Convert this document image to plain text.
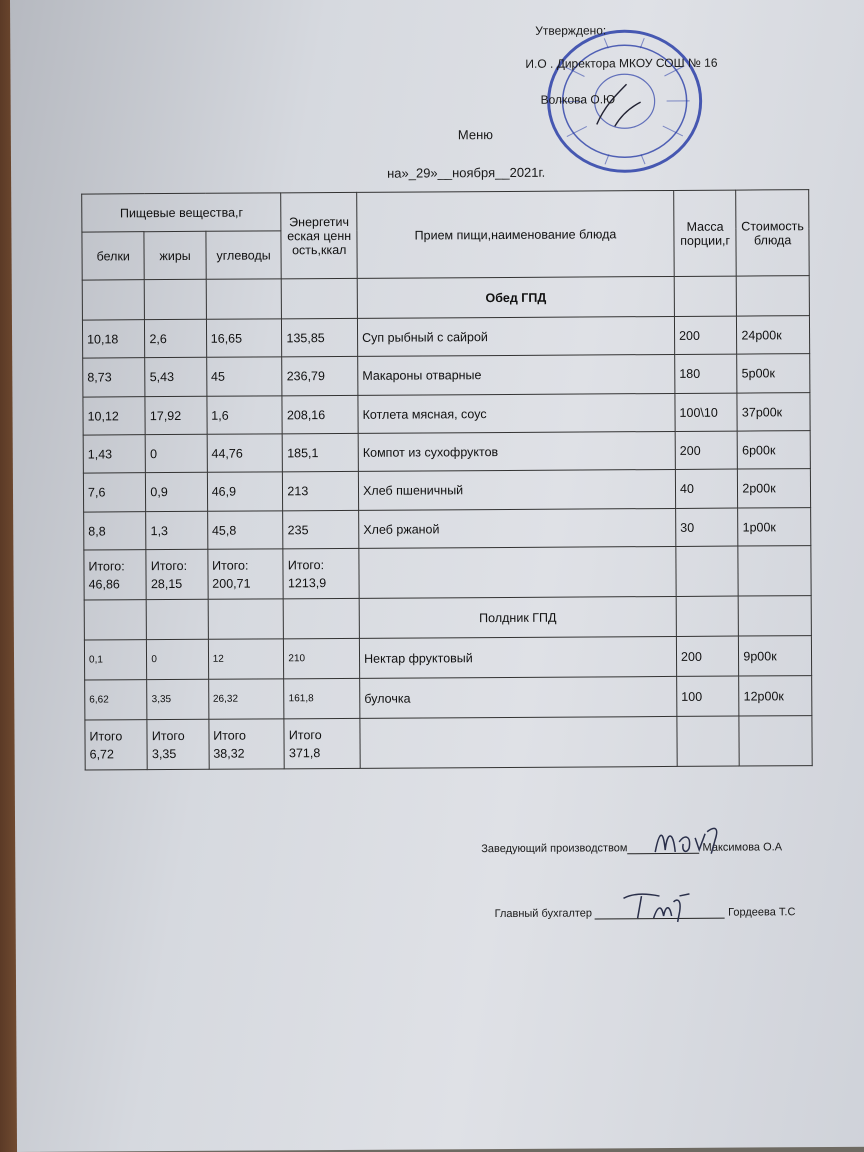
Утверждено:
И.О . Директора МКОУ СОШ № 16
Волкова О.Ю
Меню
на»_29»__ноября__2021г.
Пищевые вещества,г			Энергетическая ценность,ккал	Прием пищи,наименование блюда	Масса порции,г	Стоимость блюда
белки	жиры	углеводы				
				Обед ГПД		
10,18	2,6	16,65	135,85	Суп рыбный с сайрой	200	24р00к
8,73	5,43	45	236,79	Макароны отварные	180	5р00к
10,12	17,92	1,6	208,16	Котлета мясная, соус	100\10	37р00к
1,43	0	44,76	185,1	Компот из сухофруктов	200	6р00к
7,6	0,9	46,9	213	Хлеб пшеничный	40	2р00к
8,8	1,3	45,8	235	Хлеб ржаной	30	1р00к
Итого: 46,86	Итого: 28,15	Итого: 200,71	Итого: 1213,9			
				Полдник ГПД		
0,1	0	12	210	Нектар фруктовый	200	9р00к
6,62	3,35	26,32	161,8	булочка	100	12р00к
Итого 6,72	Итого 3,35	Итого 38,32	Итого 371,8			
Заведующий производством	Максимова О.А
Главный бухгалтер	Гордеева Т.С
